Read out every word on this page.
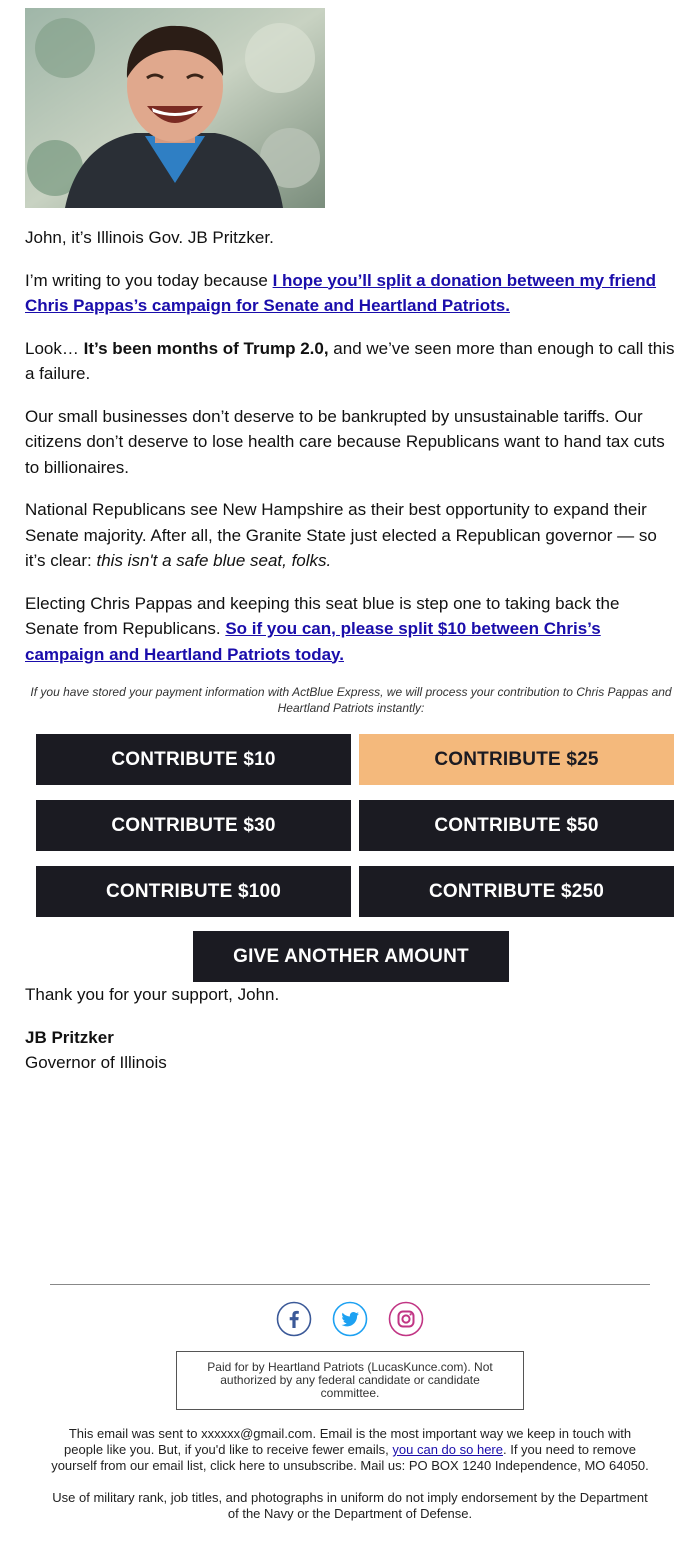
John, it’s Illinois Gov. JB Pritzker.

I’m writing to you today because I hope you’ll split a donation between my friend Chris Pappas’s campaign for Senate and Heartland Patriots.

Look… It’s been months of Trump 2.0, and we’ve seen more than enough to call this a failure.

Our small businesses don’t deserve to be bankrupted by unsustainable tariffs. Our citizens don’t deserve to lose health care because Republicans want to hand tax cuts to billionaires.

National Republicans see New Hampshire as their best opportunity to expand their Senate majority. After all, the Granite State just elected a Republican governor — so it’s clear: this isn't a safe blue seat, folks.

Electing Chris Pappas and keeping this seat blue is step one to taking back the Senate from Republicans. So if you can, please split $10 between Chris’s campaign and Heartland Patriots today.

If you have stored your payment information with ActBlue Express, we will process your contribution to Chris Pappas and Heartland Patriots instantly:
CONTRIBUTE $10	CONTRIBUTE $25
CONTRIBUTE $30	CONTRIBUTE $50
CONTRIBUTE $100	CONTRIBUTE $250
GIVE ANOTHER AMOUNT

Thank you for your support, John.

JB Pritzker
Governor of Illinois
Paid for by Heartland Patriots (LucasKunce.com). Not authorized by any federal candidate or candidate committee.
This email was sent to xxxxxx@gmail.com. Email is the most important way we keep in touch with people like you. But, if you'd like to receive fewer emails, you can do so here. If you need to remove yourself from our email list, click here to unsubscribe. Mail us: PO BOX 1240 Independence, MO 64050.
Use of military rank, job titles, and photographs in uniform do not imply endorsement by the Department of the Navy or the Department of Defense.
